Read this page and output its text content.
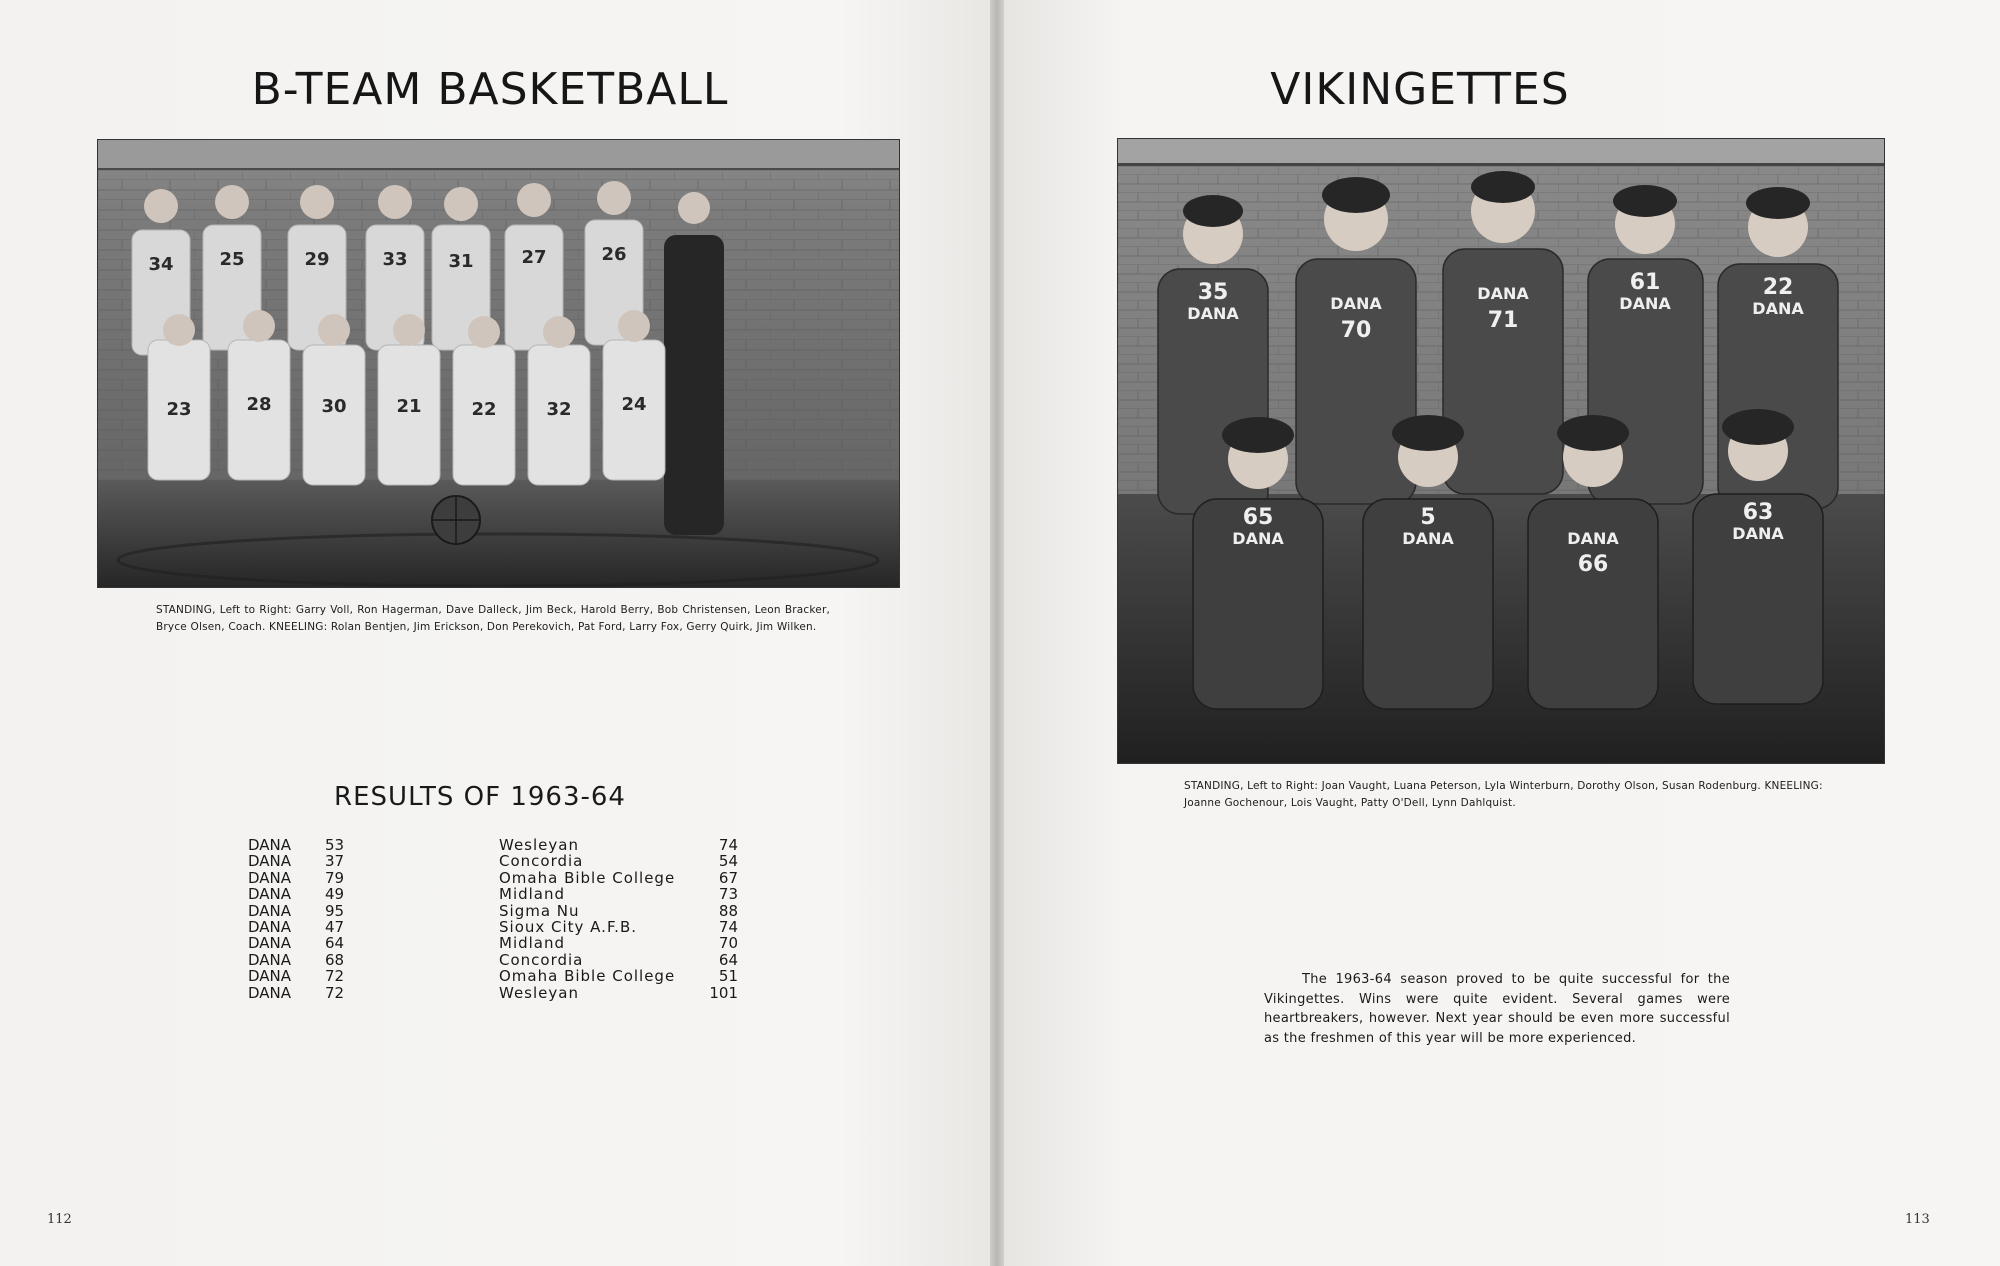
B-TEAM BASKETBALL
34	25	29	33 31	27	26
23	28	30	21	22	32	24
STANDING, Left to Right: Garry Voll, Ron Hagerman, Dave Dalleck, Jim Beck, Harold Berry, Bob Christensen, Leon Bracker, Bryce Olsen, Coach. KNEELING: Rolan Bentjen, Jim Erickson, Don Perekovich, Pat Ford, Larry Fox, Gerry Quirk, Jim Wilken.
RESULTS OF 1963-64
DANA 53	Wesleyan	74
DANA 37	Concordia	54
DANA 79	Omaha Bible College	67
DANA 49	Midland	73
DANA 95	Sigma Nu	88
DANA 47	Sioux City A.F.B.	74
DANA 64	Midland	70
DANA 68	Concordia	64
DANA 72	Omaha Bible College	51
DANA 72	Wesleyan	101
112
VIKINGETTES
DANA
DANA
DANA
DANA	DANA
DANA	DANA	DANA	DANA
35
70	71
61	22
65	5
66
63
STANDING, Left to Right: Joan Vaught, Luana Peterson, Lyla Winterburn, Dorothy Olson, Susan Rodenburg. KNEELING: Joanne Gochenour, Lois Vaught, Patty O'Dell, Lynn Dahlquist.
113
The 1963-64 season proved to be quite successful for the Vikingettes. Wins were quite evident. Several games were heartbreakers, however. Next year should be even more successful as the freshmen of this year will be more experienced.
